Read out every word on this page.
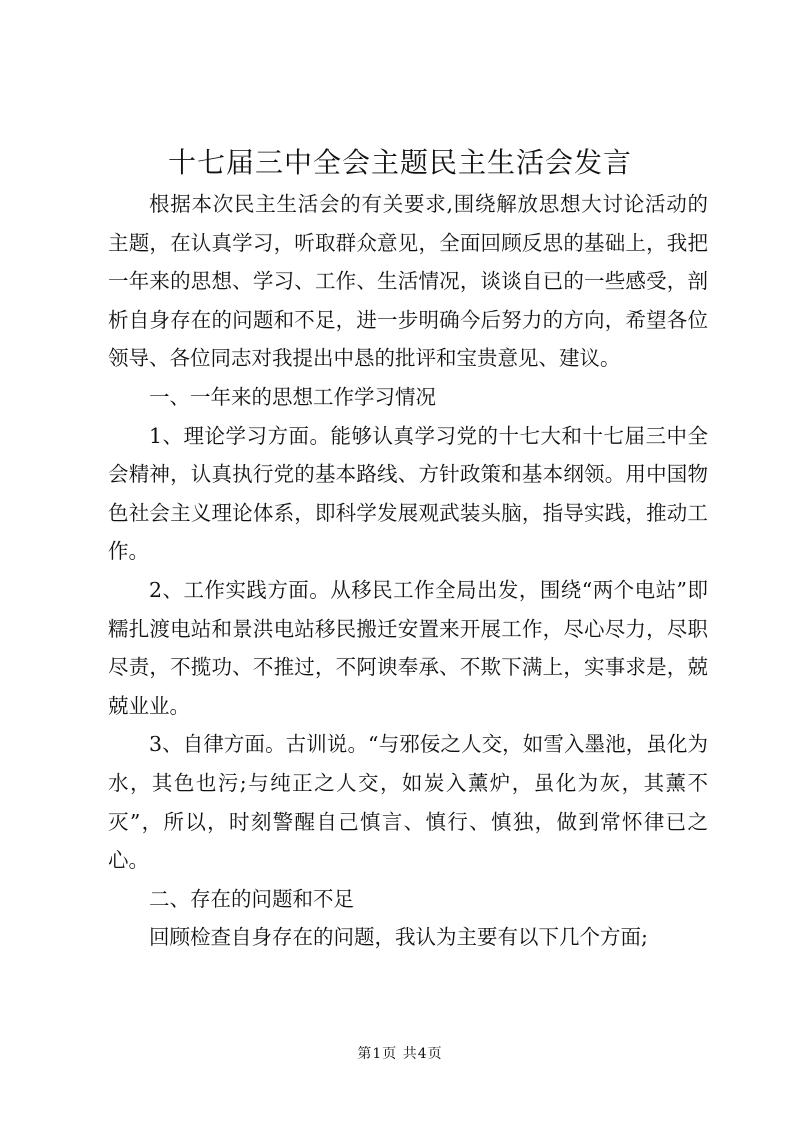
十七届三中全会主题民主生活会发言

根据本次民主生活会的有关要求,围绕解放思想大讨论活动的主题，在认真学习，听取群众意见，全面回顾反思的基础上，我把一年来的思想、学习、工作、生活情况，谈谈自已的一些感受，剖析自身存在的问题和不足，进一步明确今后努力的方向，希望各位领导、各位同志对我提出中恳的批评和宝贵意见、建议。

一、一年来的思想工作学习情况

1、理论学习方面。能够认真学习党的十七大和十七届三中全会精神，认真执行党的基本路线、方针政策和基本纲领。用中国物色社会主义理论体系，即科学发展观武装头脑，指导实践，推动工作。

2、工作实践方面。从移民工作全局出发，围绕“两个电站”即糯扎渡电站和景洪电站移民搬迁安置来开展工作，尽心尽力，尽职尽责，不揽功、不推过，不阿谀奉承、不欺下满上，实事求是，兢兢业业。

3、自律方面。古训说。“与邪佞之人交，如雪入墨池，虽化为水，其色也污;与纯正之人交，如炭入薰炉，虽化为灰，其薰不灭”，所以，时刻警醒自己慎言、慎行、慎独，做到常怀律已之心。

二、存在的问题和不足

回顾检查自身存在的问题，我认为主要有以下几个方面;

第1页 共4页
